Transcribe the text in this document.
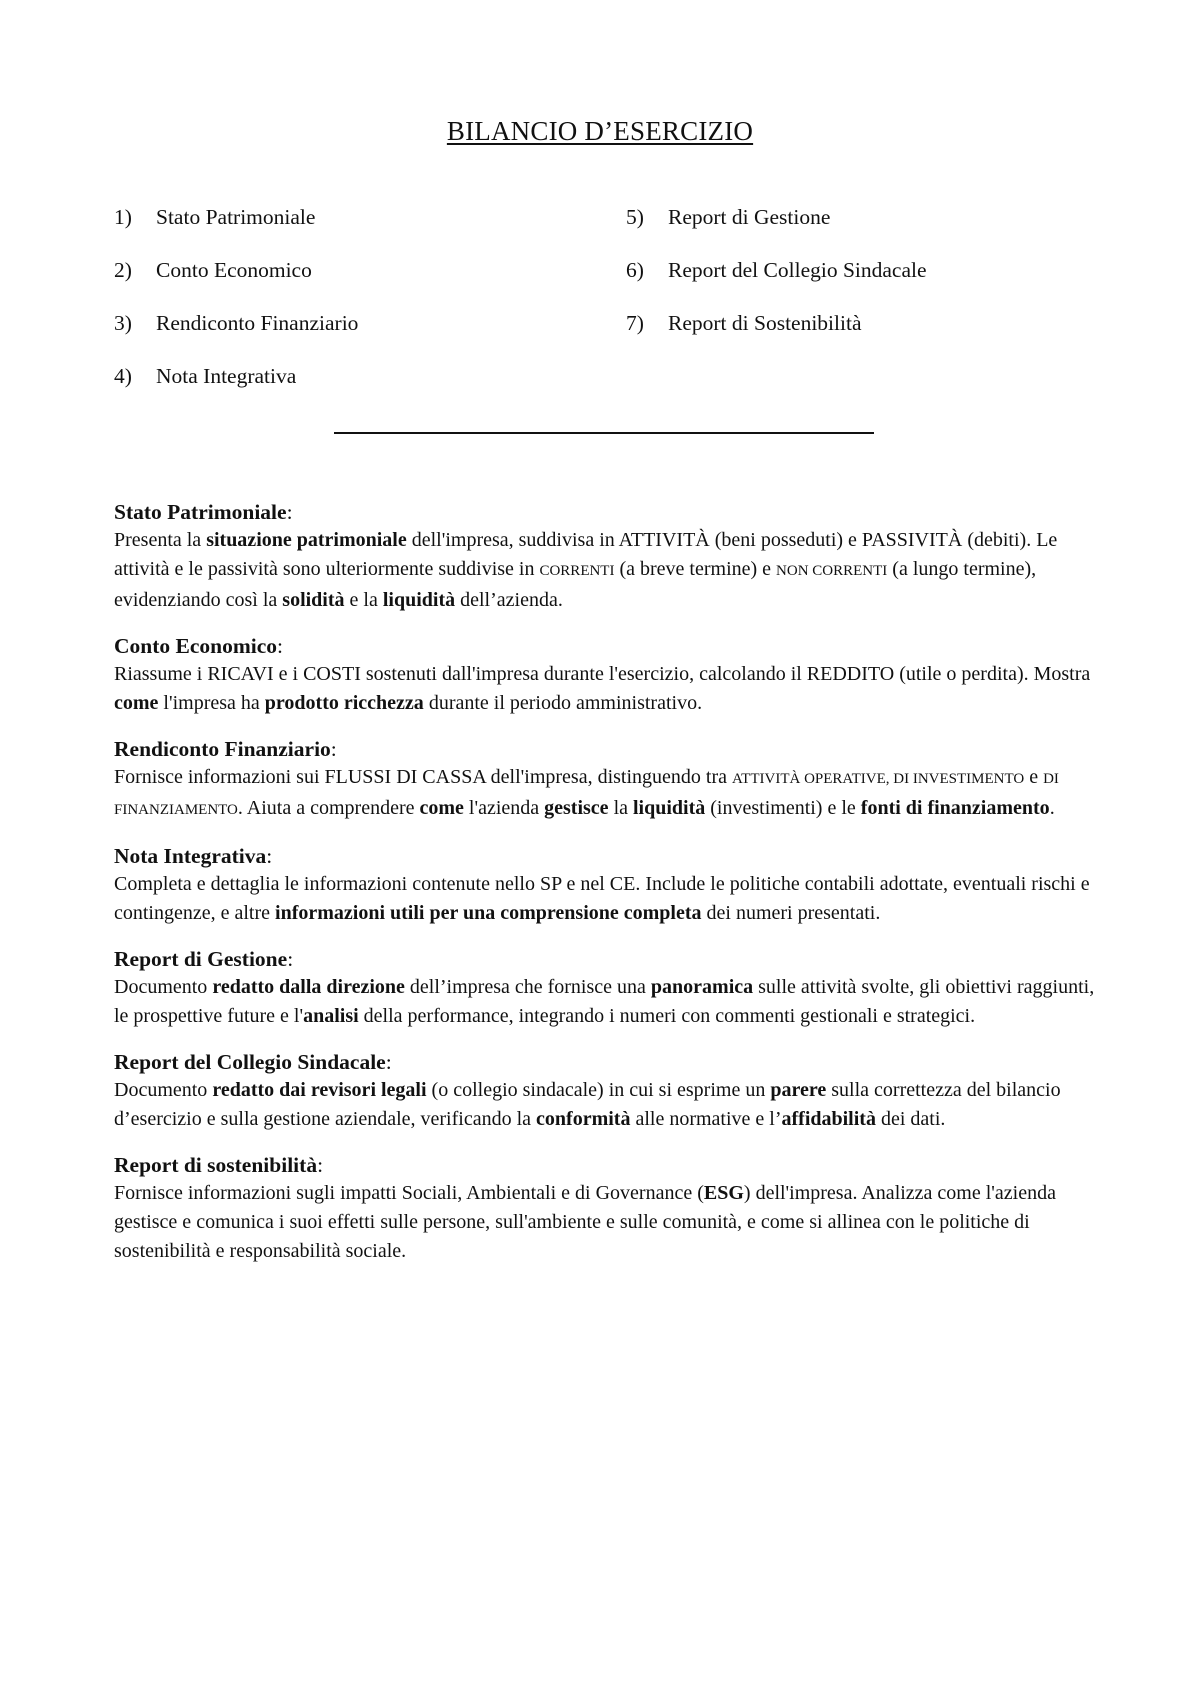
BILANCIO D’ESERCIZIO
1)	Stato Patrimoniale
2)	Conto Economico
3)	Rendiconto Finanziario
4)	Nota Integrativa
5)	Report di Gestione
6)	Report del Collegio Sindacale
7)	Report di Sostenibilità
Stato Patrimoniale:
Presenta la situazione patrimoniale dell'impresa, suddivisa in ATTIVITÀ (beni posseduti) e PASSIVITÀ (debiti). Le attività e le passività sono ulteriormente suddivise in CORRENTI (a breve termine) e NON CORRENTI (a lungo termine), evidenziando così la solidità e la liquidità dell’azienda.
Conto Economico:
Riassume i RICAVI e i COSTI sostenuti dall'impresa durante l'esercizio, calcolando il REDDITO (utile o perdita). Mostra come l'impresa ha prodotto ricchezza durante il periodo amministrativo.
Rendiconto Finanziario:
Fornisce informazioni sui FLUSSI DI CASSA dell'impresa, distinguendo tra ATTIVITÀ OPERATIVE, DI INVESTIMENTO e DI FINANZIAMENTO. Aiuta a comprendere come l'azienda gestisce la liquidità (investimenti) e le fonti di finanziamento.
Nota Integrativa:
Completa e dettaglia le informazioni contenute nello SP e nel CE. Include le politiche contabili adottate, eventuali rischi e contingenze, e altre informazioni utili per una comprensione completa dei numeri presentati.
Report di Gestione:
Documento redatto dalla direzione dell’impresa che fornisce una panoramica sulle attività svolte, gli obiettivi raggiunti, le prospettive future e l'analisi della performance, integrando i numeri con commenti gestionali e strategici.
Report del Collegio Sindacale:
Documento redatto dai revisori legali (o collegio sindacale) in cui si esprime un parere sulla correttezza del bilancio d’esercizio e sulla gestione aziendale, verificando la conformità alle normative e l’affidabilità dei dati.
Report di sostenibilità:
Fornisce informazioni sugli impatti Sociali, Ambientali e di Governance (ESG) dell'impresa. Analizza come l'azienda gestisce e comunica i suoi effetti sulle persone, sull'ambiente e sulle comunità, e come si allinea con le politiche di sostenibilità e responsabilità sociale.
